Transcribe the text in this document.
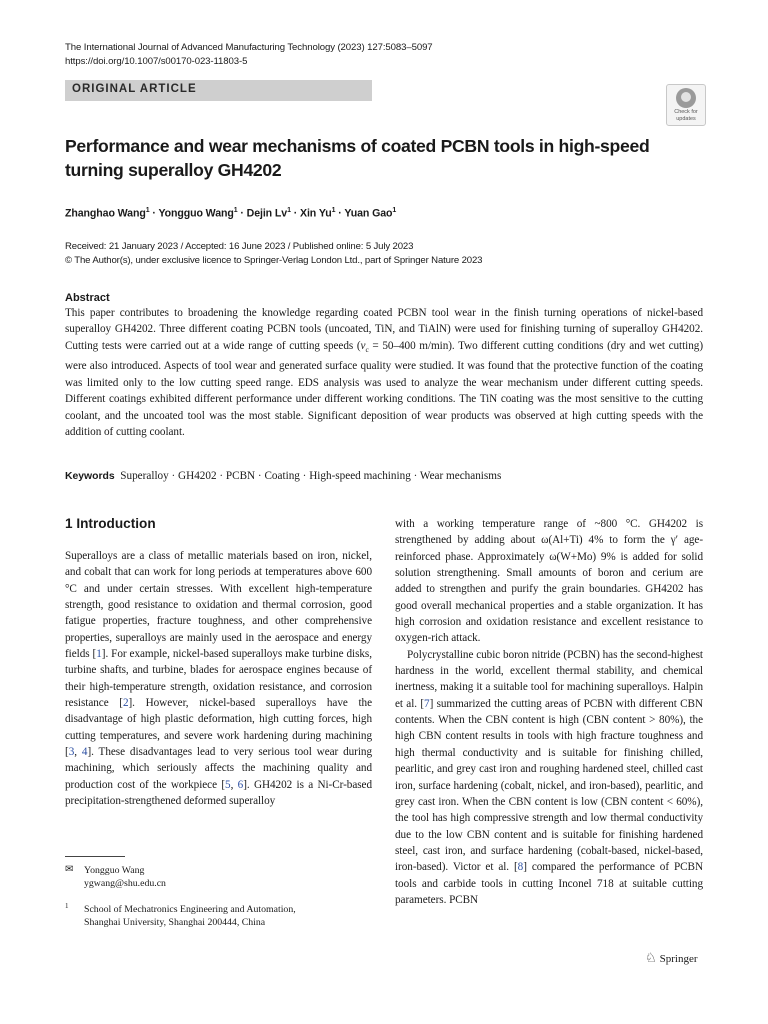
The International Journal of Advanced Manufacturing Technology (2023) 127:5083–5097
https://doi.org/10.1007/s00170-023-11803-5
ORIGINAL ARTICLE
Check for
updates
Performance and wear mechanisms of coated PCBN tools in high-speed turning superalloy GH4202
Zhanghao Wang$^1$ · Yongguo Wang$^1$ · Dejin $Lv^1$ · Xin $Yu^1$ · Yuan Gao$^1$
Received: 21 January 2023 / Accepted: 16 June 2023 / Published online: 5 July 2023
© The Author(s), under exclusive licence to Springer-Verlag London Ltd., part of Springer Nature 2023
Abstract

This paper contributes to broadening the knowledge regarding coated PCBN tool wear in the finish turning operations of nickel-based superalloy GH4202. Three different coating PCBN tools (uncoated, TiN, and TiAlN) were used for finishing turning of superalloy GH4202. Cutting tests were carried out at a wide range of cutting speeds ($v_c = 50-400$ m/min). Two different cutting conditions (dry and wet cutting) were also introduced. Aspects of tool wear and generated surface quality were studied. It was found that the protective function of the coating was limited only to the low cutting speed range. EDS analysis was used to analyze the wear mechanism under different cutting speeds. Different coatings exhibited different performance under different working conditions. The TiN coating was the most sensitive to the cutting coolant, and the uncoated tool was the most stable. Significant deposition of wear products was observed at high cutting speeds with the addition of cutting coolant.

Keywords Superalloy · GH4202 · PCBN · Coating · High-speed machining · Wear mechanisms
1 Introduction

Superalloys are a class of metallic materials based on iron, nickel, and cobalt that can work for long periods at temperatures above 600 °C and under certain stresses. With excellent high-temperature strength, good resistance to oxidation and thermal corrosion, good fatigue properties, fracture toughness, and other comprehensive properties, superalloys are mainly used in the aerospace and energy fields [1]. For example, nickel-based superalloys make turbine disks, turbine shafts, and turbine, blades for aerospace engines because of their high-temperature strength, oxidation resistance, and corrosion resistance [2]. However, nickel-based superalloys have the disadvantage of high plastic deformation, high cutting forces, high cutting temperatures, and severe work hardening during machining [3, 4]. These disadvantages lead to very serious tool wear during machining, which seriously affects the machining quality and production cost of the workpiece [5, 6]. GH4202 is a Ni-Cr-based precipitation-strengthened deformed superalloy

with a working temperature range of ~800 °C. GH4202 is strengthened by adding about ω(Al+Ti) 4% to form the γ′ age-reinforced phase. Approximately ω(W+Mo) 9% is added for solid solution strengthening. Small amounts of boron and cerium are added to strengthen and purify the grain boundaries. GH4202 has good overall mechanical properties and a stable organization. It has high corrosion and oxidation resistance and excellent resistance to oxygen-rich attack.

Polycrystalline cubic boron nitride (PCBN) has the second-highest hardness in the world, excellent thermal stability, and chemical inertness, making it a suitable tool for machining superalloys. Halpin et al. [7] summarized the cutting areas of PCBN with different CBN contents. When the CBN content is high (CBN content > 80%), the high CBN content results in tools with high fracture toughness and high thermal conductivity and is suitable for finishing chilled, pearlitic, and grey cast iron and roughing hardened steel, chilled cast iron, surface hardening (cobalt, nickel, and iron-based), pearlitic, and grey cast iron. When the CBN content is low (CBN content < 60%), the tool has high compressive strength and low thermal conductivity due to the low CBN content and is suitable for finishing hardened steel, cast iron, and surface hardening (cobalt-based, nickel-based, iron-based). Victor et al. [8] compared the performance of PCBN tools and carbide tools in cutting Inconel 718 at suitable cutting parameters. PCBN

✉ Yongguo Wang
ygwang@shu.edu.cn
1 School of Mechatronics Engineering and Automation,
Shanghai University, Shanghai 200444, China
♘ Springer
